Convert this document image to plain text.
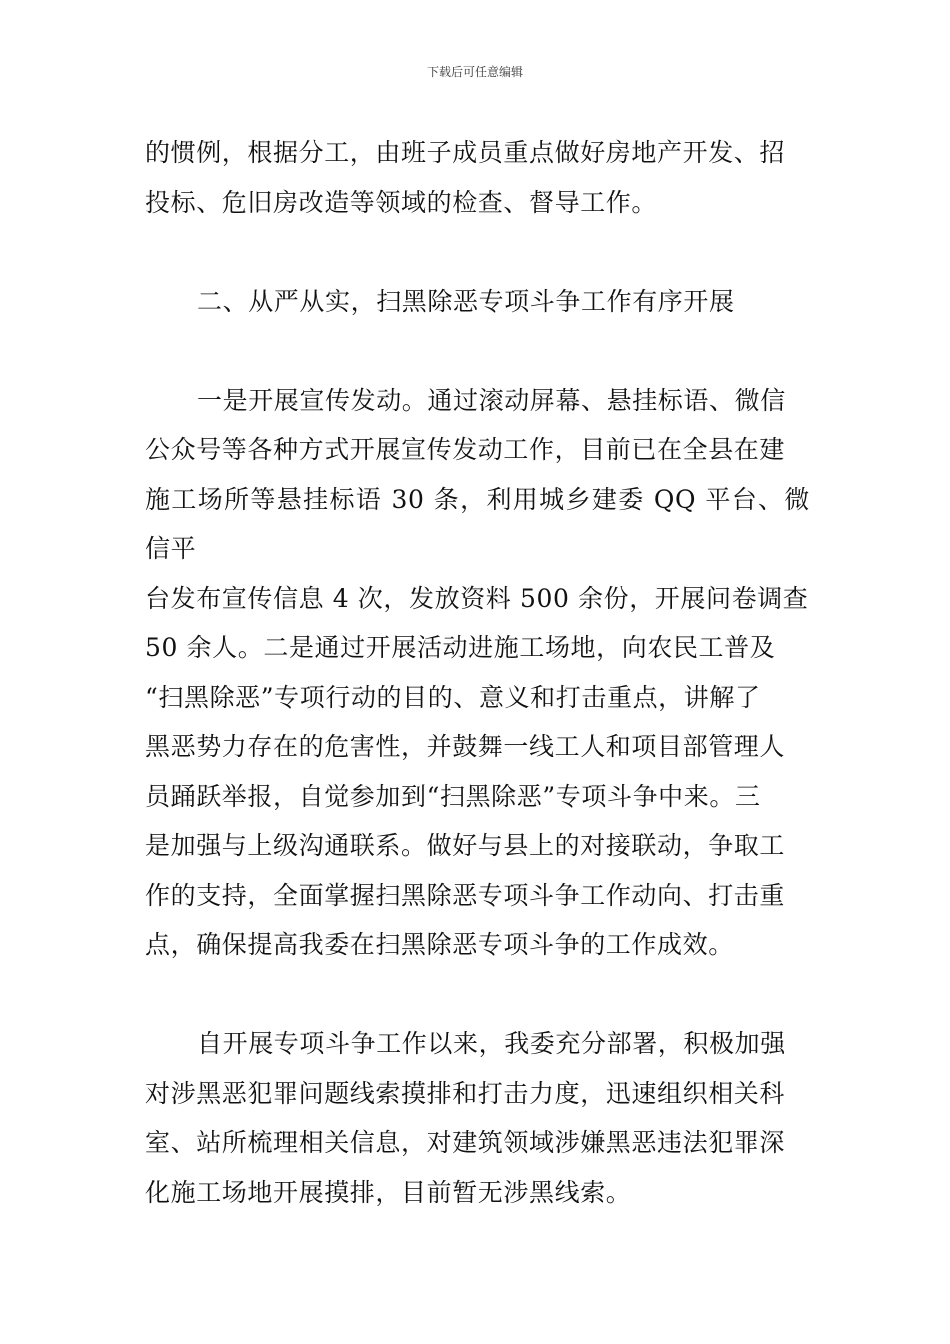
下载后可任意编辑
的惯例，根据分工，由班子成员重点做好房地产开发、招
投标、危旧房改造等领域的检查、督导工作。
二、从严从实，扫黑除恶专项斗争工作有序开展
一是开展宣传发动。通过滚动屏幕、悬挂标语、微信
公众号等各种方式开展宣传发动工作，目前已在全县在建
施工场所等悬挂标语 30 条，利用城乡建委 QQ 平台、微信平
台发布宣传信息 4 次，发放资料 500 余份，开展问卷调查
50 余人。二是通过开展活动进施工场地，向农民工普及
“扫黑除恶”专项行动的目的、意义和打击重点，讲解了
黑恶势力存在的危害性，并鼓舞一线工人和项目部管理人
员踊跃举报，自觉参加到“扫黑除恶”专项斗争中来。三
是加强与上级沟通联系。做好与县上的对接联动，争取工
作的支持，全面掌握扫黑除恶专项斗争工作动向、打击重
点，确保提高我委在扫黑除恶专项斗争的工作成效。
自开展专项斗争工作以来，我委充分部署，积极加强
对涉黑恶犯罪问题线索摸排和打击力度，迅速组织相关科
室、站所梳理相关信息，对建筑领域涉嫌黑恶违法犯罪深
化施工场地开展摸排，目前暂无涉黑线索。
